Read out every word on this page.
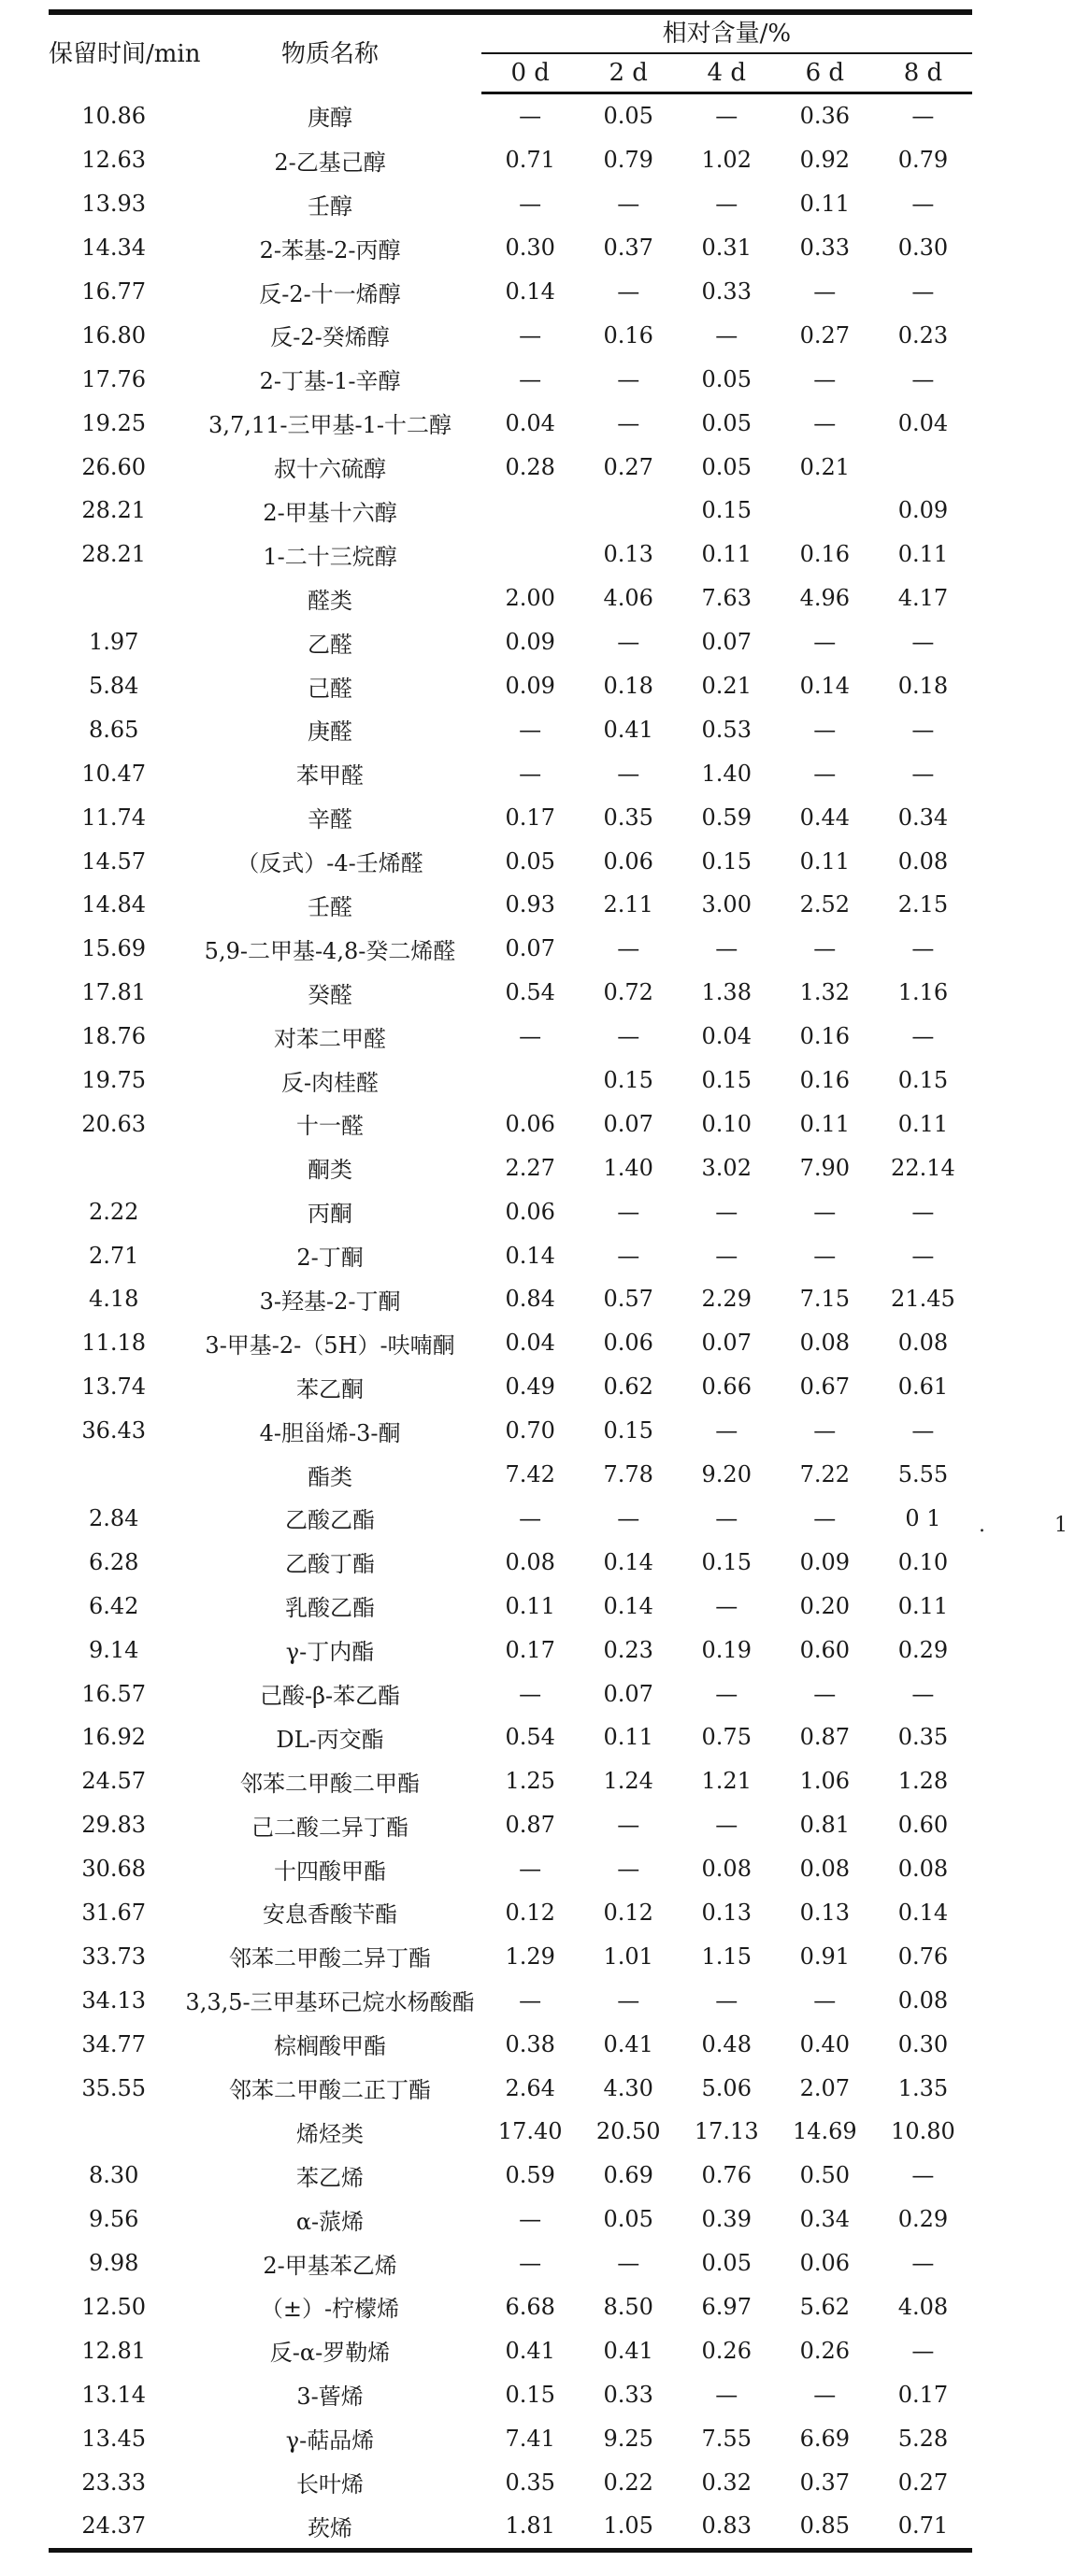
保留时间/min	物质名称	相对含量/%				
		0 d	2 d	4 d	6 d	8 d
10.86	庚醇	—	0.05	—	0.36	—
12.63	2-乙基己醇	0.71	0.79	1.02	0.92	0.79
13.93	壬醇	—	—	—	0.11	—
14.34	2-苯基-2-丙醇	0.30	0.37	0.31	0.33	0.30
16.77	反-2-十一烯醇	0.14	—	0.33	—	—
16.80	反-2-癸烯醇	—	0.16	—	0.27	0.23
17.76	2-丁基-1-辛醇	—	—	0.05	—	—
19.25	3,7,11-三甲基-1-十二醇	0.04	—	0.05	—	0.04
26.60	叔十六硫醇	0.28	0.27	0.05	0.21	
28.21	2-甲基十六醇			0.15		0.09
28.21	1-二十三烷醇		0.13	0.11	0.16	0.11
	醛类	2.00	4.06	7.63	4.96	4.17
1.97	乙醛	0.09	—	0.07	—	—
5.84	己醛	0.09	0.18	0.21	0.14	0.18
8.65	庚醛	—	0.41	0.53	—	—
10.47	苯甲醛	—	—	1.40	—	—
11.74	辛醛	0.17	0.35	0.59	0.44	0.34
14.57	（反式）-4-壬烯醛	0.05	0.06	0.15	0.11	0.08
14.84	壬醛	0.93	2.11	3.00	2.52	2.15
15.69	5,9-二甲基-4,8-癸二烯醛	0.07	—	—	—	—
17.81	癸醛	0.54	0.72	1.38	1.32	1.16
18.76	对苯二甲醛	—	—	0.04	0.16	—
19.75	反-肉桂醛		0.15	0.15	0.16	0.15
20.63	十一醛	0.06	0.07	0.10	0.11	0.11
	酮类	2.27	1.40	3.02	7.90	22.14
2.22	丙酮	0.06	—	—	—	—
2.71	2-丁酮	0.14	—	—	—	—
4.18	3-羟基-2-丁酮	0.84	0.57	2.29	7.15	21.45
11.18	3-甲基-2-（5H）-呋喃酮	0.04	0.06	0.07	0.08	0.08
13.74	苯乙酮	0.49	0.62	0.66	0.67	0.61
36.43	4-胆甾烯-3-酮	0.70	0.15	—	—	—
	酯类	7.42	7.78	9.20	7.22	5.55
2.84	乙酸乙酯	—	—	—	—	0 1
6.28	乙酸丁酯	0.08	0.14	0.15	0.09	0.10
6.42	乳酸乙酯	0.11	0.14	—	0.20	0.11
9.14	γ-丁内酯	0.17	0.23	0.19	0.60	0.29
16.57	己酸-β-苯乙酯	—	0.07	—	—	—
16.92	DL-丙交酯	0.54	0.11	0.75	0.87	0.35
24.57	邻苯二甲酸二甲酯	1.25	1.24	1.21	1.06	1.28
29.83	己二酸二异丁酯	0.87	—	—	0.81	0.60
30.68	十四酸甲酯	—	—	0.08	0.08	0.08
31.67	安息香酸苄酯	0.12	0.12	0.13	0.13	0.14
33.73	邻苯二甲酸二异丁酯	1.29	1.01	1.15	0.91	0.76
34.13	3,3,5-三甲基环己烷水杨酸酯	—	—	—	—	0.08
34.77	棕榈酸甲酯	0.38	0.41	0.48	0.40	0.30
35.55	邻苯二甲酸二正丁酯	2.64	4.30	5.06	2.07	1.35
	烯烃类	17.40	20.50	17.13	14.69	10.80
8.30	苯乙烯	0.59	0.69	0.76	0.50	—
9.56	α-蒎烯	—	0.05	0.39	0.34	0.29
9.98	2-甲基苯乙烯	—	—	0.05	0.06	—
12.50	（±）-柠檬烯	6.68	8.50	6.97	5.62	4.08
12.81	反-α-罗勒烯	0.41	0.41	0.26	0.26	—
13.14	3-蒈烯	0.15	0.33	—	—	0.17
13.45	γ-萜品烯	7.41	9.25	7.55	6.69	5.28
23.33	长叶烯	0.35	0.22	0.32	0.37	0.27
24.37	莰烯	1.81	1.05	0.83	0.85	0.71
.	1
